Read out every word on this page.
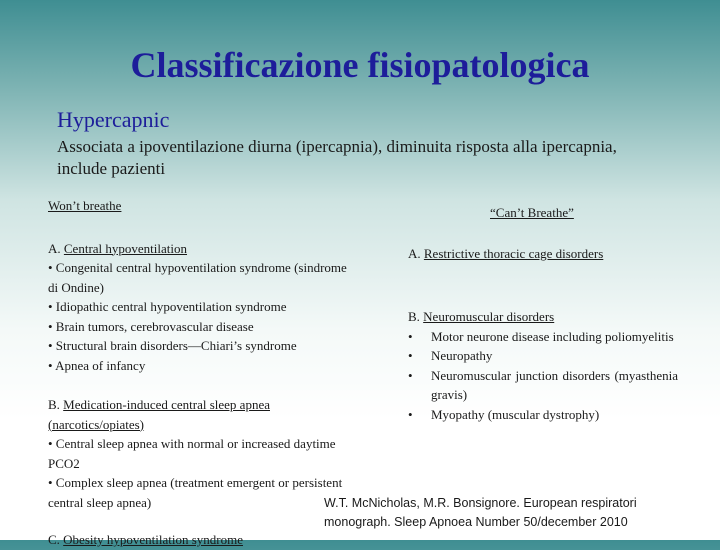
Classificazione fisiopatologica
Hypercapnic
Associata a ipoventilazione diurna (ipercapnia), diminuita risposta alla ipercapnia, include pazienti
Won’t breathe
A. Central hypoventilation
• Congenital central hypoventilation syndrome (sindrome di Ondine)
• Idiopathic central hypoventilation syndrome
• Brain tumors, cerebrovascular disease
• Structural brain disorders—Chiari’s syndrome
• Apnea of infancy
B. Medication-induced central sleep apnea (narcotics/opiates)
• Central sleep apnea with normal or increased daytime PCO2
• Complex sleep apnea (treatment emergent or persistent central sleep apnea)
C. Obesity hypoventilation syndrome
“Can’t Breathe”
A. Restrictive thoracic cage disorders
B. Neuromuscular disorders
•	Motor neurone disease including poliomyelitis
•	Neuropathy
•	Neuromuscular junction disorders (myasthenia gravis)
•	Myopathy (muscular dystrophy)
W.T. McNicholas, M.R. Bonsignore. European respiratori
monograph. Sleep Apnoea Number 50/december 2010
